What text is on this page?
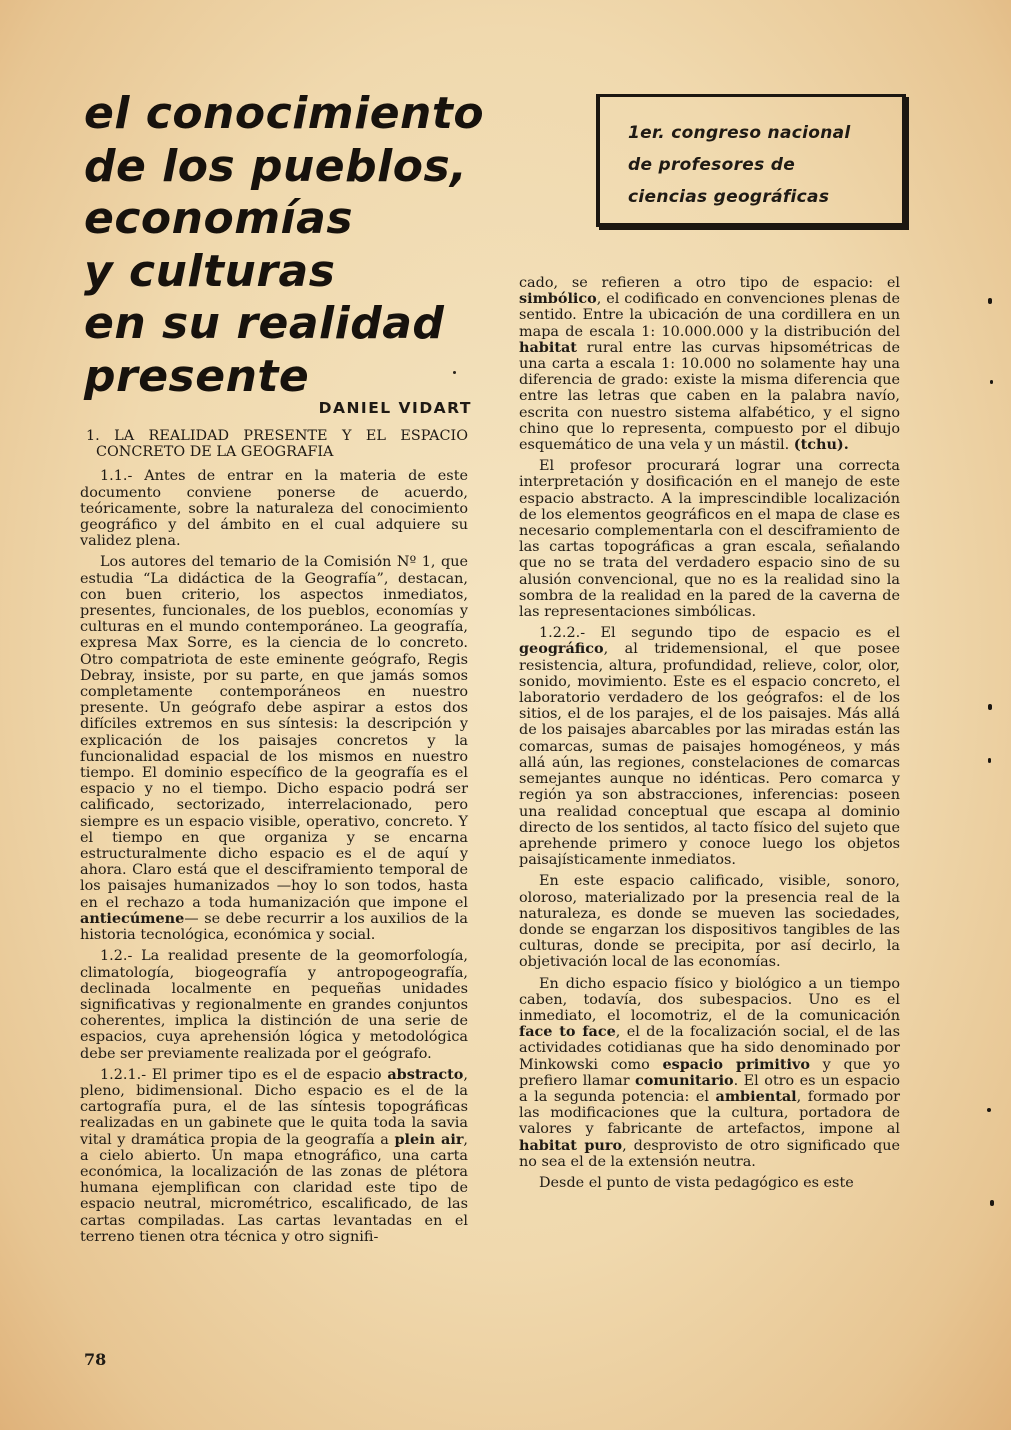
el conocimiento
de los pueblos,
economías
y culturas
en su realidad
presente
DANIEL VIDART
1er. congreso nacional
de profesores de
ciencias geográficas

1. LA REALIDAD PRESENTE Y EL ESPACIO CONCRETO DE LA GEOGRAFIA

1.1.- Antes de entrar en la materia de este documento conviene ponerse de acuerdo, teóricamente, sobre la naturaleza del conocimiento geográfico y del ámbito en el cual adquiere su validez plena.

Los autores del temario de la Comisión Nº 1, que estudia “La didáctica de la Geografía”, destacan, con buen criterio, los aspectos inmediatos, presentes, funcionales, de los pueblos, economías y culturas en el mundo contemporáneo. La geografía, expresa Max Sorre, es la ciencia de lo concreto. Otro compatriota de este eminente geógrafo, Regis Debray, insiste, por su parte, en que jamás somos completamente contemporáneos en nuestro presente. Un geógrafo debe aspirar a estos dos difíciles extremos en sus síntesis: la descripción y explicación de los paisajes concretos y la funcionalidad espacial de los mismos en nuestro tiempo. El dominio específico de la geografía es el espacio y no el tiempo. Dicho espacio podrá ser calificado, sectorizado, interrelacionado, pero siempre es un espacio visible, operativo, concreto. Y el tiempo en que organiza y se encarna estructuralmente dicho espacio es el de aquí y ahora. Claro está que el desciframiento temporal de los paisajes humanizados —hoy lo son todos, hasta en el rechazo a toda humanización que impone el antiecúmene— se debe recurrir a los auxilios de la historia tecnológica, económica y social.

1.2.- La realidad presente de la geomorfología, climatología, biogeografía y antropogeografía, declinada localmente en pequeñas unidades significativas y regionalmente en grandes conjuntos coherentes, implica la distinción de una serie de espacios, cuya aprehensión lógica y metodológica debe ser previamente realizada por el geógrafo.

1.2.1.- El primer tipo es el de espacio abstracto, pleno, bidimensional. Dicho espacio es el de la cartografía pura, el de las síntesis topográficas realizadas en un gabinete que le quita toda la savia vital y dramática propia de la geografía a plein air, a cielo abierto. Un mapa etnográfico, una carta económica, la localización de las zonas de plétora humana ejemplifican con claridad este tipo de espacio neutral, micrométrico, escalificado, de las cartas compiladas. Las cartas levantadas en el terreno tienen otra técnica y otro signifi-

cado, se refieren a otro tipo de espacio: el simbólico, el codificado en convenciones plenas de sentido. Entre la ubicación de una cordillera en un mapa de escala 1: 10.000.000 y la distribución del habitat rural entre las curvas hipsométricas de una carta a escala 1: 10.000 no solamente hay una diferencia de grado: existe la misma diferencia que entre las letras que caben en la palabra navío, escrita con nuestro sistema alfabético, y el signo chino que lo representa, compuesto por el dibujo esquemático de una vela y un mástil. (tchu).

El profesor procurará lograr una correcta interpretación y dosificación en el manejo de este espacio abstracto. A la imprescindible localización de los elementos geográficos en el mapa de clase es necesario complementarla con el desciframiento de las cartas topográficas a gran escala, señalando que no se trata del verdadero espacio sino de su alusión convencional, que no es la realidad sino la sombra de la realidad en la pared de la caverna de las representaciones simbólicas.

1.2.2.- El segundo tipo de espacio es el geográfico, al tridemensional, el que posee resistencia, altura, profundidad, relieve, color, olor, sonido, movimiento. Este es el espacio concreto, el laboratorio verdadero de los geógrafos: el de los sitios, el de los parajes, el de los paisajes. Más allá de los paisajes abarcables por las miradas están las comarcas, sumas de paisajes homogéneos, y más allá aún, las regiones, constelaciones de comarcas semejantes aunque no idénticas. Pero comarca y región ya son abstracciones, inferencias: poseen una realidad conceptual que escapa al dominio directo de los sentidos, al tacto físico del sujeto que aprehende primero y conoce luego los objetos paisajísticamente inmediatos.

En este espacio calificado, visible, sonoro, oloroso, materializado por la presencia real de la naturaleza, es donde se mueven las sociedades, donde se engarzan los dispositivos tangibles de las culturas, donde se precipita, por así decirlo, la objetivación local de las economías.

En dicho espacio físico y biológico a un tiempo caben, todavía, dos subespacios. Uno es el inmediato, el locomotriz, el de la comunicación face to face, el de la focalización social, el de las actividades cotidianas que ha sido denominado por Minkowski como espacio primitivo y que yo prefiero llamar comunitario. El otro es un espacio a la segunda potencia: el ambiental, formado por las modificaciones que la cultura, portadora de valores y fabricante de artefactos, impone al habitat puro, desprovisto de otro significado que no sea el de la extensión neutra.

Desde el punto de vista pedagógico es este

78
